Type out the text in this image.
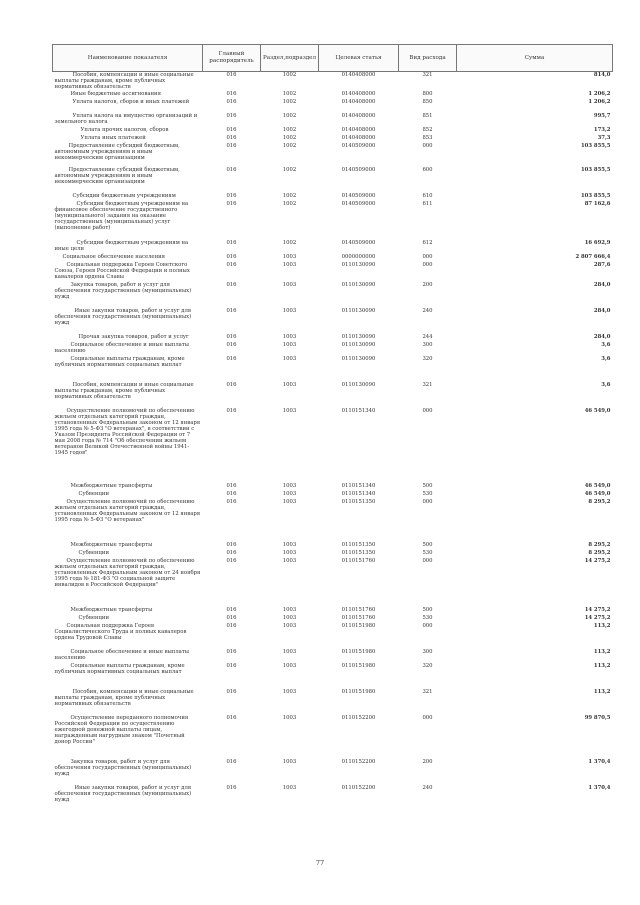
Наименование показателя	Главный распорядитель	Раздел,подраздел	Целевая статья	Вид расхода	Сумма

Пособия, компенсации и иные социальные выплаты гражданам, кроме публичных нормативных обязательств	016	1002	0140408000	321	814,0

Иные бюджетные ассигнования	016	1002	0140408000	800	1 206,2

Уплата налогов, сборов и иных платежей	016	1002	0140408000	850	1 206,2

Уплата налога на имущество организаций и земельного налога	016	1002	0140408000	851	995,7

Уплата прочих налогов, сборов	016	1002	0140408000	852	173,2

Уплата иных платежей	016	1002	0140408000	853	37,3

Предоставление субсидий бюджетным, автономным учреждениям и иным некоммерческим организациям	016	1002	0140509000	000	103 855,5

Предоставление субсидий бюджетным, автономным учреждениям и иным некоммерческим организациям	016	1002	0140509000	600	103 855,5

Субсидии бюджетным учреждениям	016	1002	0140509000	610	103 855,5

Субсидии бюджетным учреждениям на финансовое обеспечение государственного (муниципального) задания на оказание государственных (муниципальных) услуг (выполнение работ)	016	1002	0140509000	611	87 162,6

Субсидии бюджетным учреждениям на иные цели	016	1002	0140509000	612	16 692,9

Социальное обеспечение населения	016	1003	0000000000	000	2 807 666,4

Социальная поддержка Героев Советского Союза, Героев Российской Федерации и полных кавалеров ордена Славы	016	1003	0110130090	000	287,6

Закупка товаров, работ и услуг для обеспечения государственных (муниципальных) нужд	016	1003	0110130090	200	284,0

Иные закупки товаров, работ и услуг для обеспечения государственных (муниципальных) нужд	016	1003	0110130090	240	284,0

Прочая закупка товаров, работ и услуг	016	1003	0110130090	244	284,0

Социальное обеспечение и иные выплаты населению	016	1003	0110130090	300	3,6

Социальные выплаты гражданам, кроме публичных нормативных социальных выплат	016	1003	0110130090	320	3,6

Пособия, компенсации и иные социальные выплаты гражданам, кроме публичных нормативных обязательств	016	1003	0110130090	321	3,6

Осуществление полномочий по обеспечению жильем отдельных категорий граждан, установленных Федеральным законом от 12 января 1995 года № 5-ФЗ "О ветеранах", в соответствии с Указом Президента Российской Федерации от 7 мая 2008 года № 714 "Об обеспечении жильем ветеранов Великой Отечественной войны 1941-1945 годов"	016	1003	0110151340	000	46 549,0

Межбюджетные трансферты	016	1003	0110151340	500	46 549,0

Субвенции	016	1003	0110151340	530	46 549,0

Осуществление полномочий по обеспечению жильем отдельных категорий граждан, установленных Федеральным законом от 12 января 1995 года № 5-ФЗ "О ветеранах"	016	1003	0110151350	000	8 295,2

Межбюджетные трансферты	016	1003	0110151350	500	8 295,2

Субвенции	016	1003	0110151350	530	8 295,2

Осуществление полномочий по обеспечению жильем отдельных категорий граждан, установленных Федеральным законом от 24 ноября 1995 года № 181-ФЗ "О социальной защите инвалидов в Российской Федерации"	016	1003	0110151760	000	14 275,2

Межбюджетные трансферты	016	1003	0110151760	500	14 275,2

Субвенции	016	1003	0110151760	530	14 275,2

Социальная поддержка Героев Социалистического Труда и полных кавалеров ордена Трудовой Славы	016	1003	0110151980	000	113,2

Социальное обеспечение и иные выплаты населению	016	1003	0110151980	300	113,2

Социальные выплаты гражданам, кроме публичных нормативных социальных выплат	016	1003	0110151980	320	113,2

Пособия, компенсации и иные социальные выплаты гражданам, кроме публичных нормативных обязательств	016	1003	0110151980	321	113,2

Осуществление переданного полномочия Российской Федерации по осуществлению ежегодной денежной выплаты лицам, награжденным нагрудным знаком "Почетный донор России"	016	1003	0110152200	000	99 870,5

Закупка товаров, работ и услуг для обеспечения государственных (муниципальных) нужд	016	1003	0110152200	200	1 370,4

Иные закупки товаров, работ и услуг для обеспечения государственных (муниципальных) нужд	016	1003	0110152200	240	1 370,4
77
